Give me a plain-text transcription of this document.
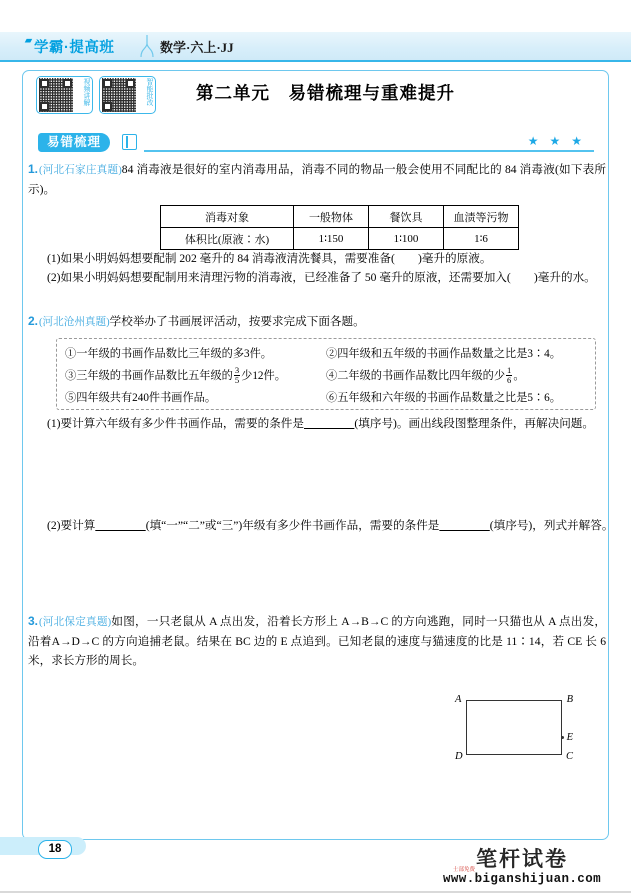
▰ 学霸·提高班	数学·六上·JJ
视频讲解	智能批改	第二单元　易错梳理与重难提升
易错梳理	★ ★ ★
1.(河北石家庄真题)84 消毒液是很好的室内消毒用品，消毒不同的物品一般会使用不同配比的 84 消毒液(如下表所示)。
消毒对象	一般物体	餐饮具	血渍等污物
体积比(原液∶水)	1∶150	1∶100	1∶6
(1)如果小明妈妈想要配制 202 毫升的 84 消毒液清洗餐具，需要准备(　　)毫升的原液。
(2)如果小明妈妈想要配制用来清理污物的消毒液，已经准备了 50 毫升的原液，还需要加入(　　)毫升的水。
2.(河北沧州真题)学校举办了书画展评活动，按要求完成下面各题。
①一年级的书画作品数比三年级的多3件。	②四年级和五年级的书画作品数量之比是3∶4。
③三年级的书画作品数比五年级的 $\frac{3}{5}$ 少12件。	④二年级的书画作品数比四年级的少 $\frac{1}{6}$ 。
⑤四年级共有240件书画作品。	⑥五年级和六年级的书画作品数量之比是5∶6。
(1)要计算六年级有多少件书画作品，需要的条件是　　　　	(填序号)。画出线段图整理条件，再解决问题。
(2)要计算　　　　	(填“一”“二”或“三”)年级有多少件书画作品，需要的条件是　　　　	(填序号)，列式并解答。
3.(河北保定真题)如图，一只老鼠从 A 点出发，沿着长方形上 A→B→C 的方向逃跑，同时一只猫也从 A 点出发，沿着A→D→C 的方向追捕老鼠。结果在 BC 边的 E 点追到。已知老鼠的速度与猫速度的比是 11∶14，若 CE 长 6 米，求长方形的周长。
A	B
C
D
E
18	笔杆试卷
士部免费
www.biganshijuan.com
